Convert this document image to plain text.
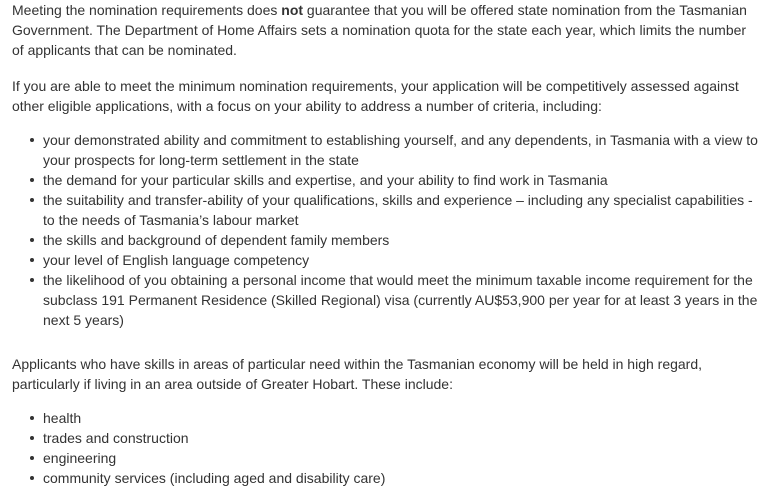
Meeting the nomination requirements does not guarantee that you will be offered state nomination from the Tasmanian Government. The Department of Home Affairs sets a nomination quota for the state each year, which limits the number of applicants that can be nominated.

If you are able to meet the minimum nomination requirements, your application will be competitively assessed against other eligible applications, with a focus on your ability to address a number of criteria, including:

your demonstrated ability and commitment to establishing yourself, and any dependents, in Tasmania with a view to your prospects for long-term settlement in the state
the demand for your particular skills and expertise, and your ability to find work in Tasmania
the suitability and transfer-ability of your qualifications, skills and experience – including any specialist capabilities - to the needs of Tasmania’s labour market
the skills and background of dependent family members
your level of English language competency
the likelihood of you obtaining a personal income that would meet the minimum taxable income requirement for the subclass 191 Permanent Residence (Skilled Regional) visa (currently AU$53,900 per year for at least 3 years in the next 5 years)

Applicants who have skills in areas of particular need within the Tasmanian economy will be held in high regard, particularly if living in an area outside of Greater Hobart. These include:

health
trades and construction
engineering
community services (including aged and disability care)
